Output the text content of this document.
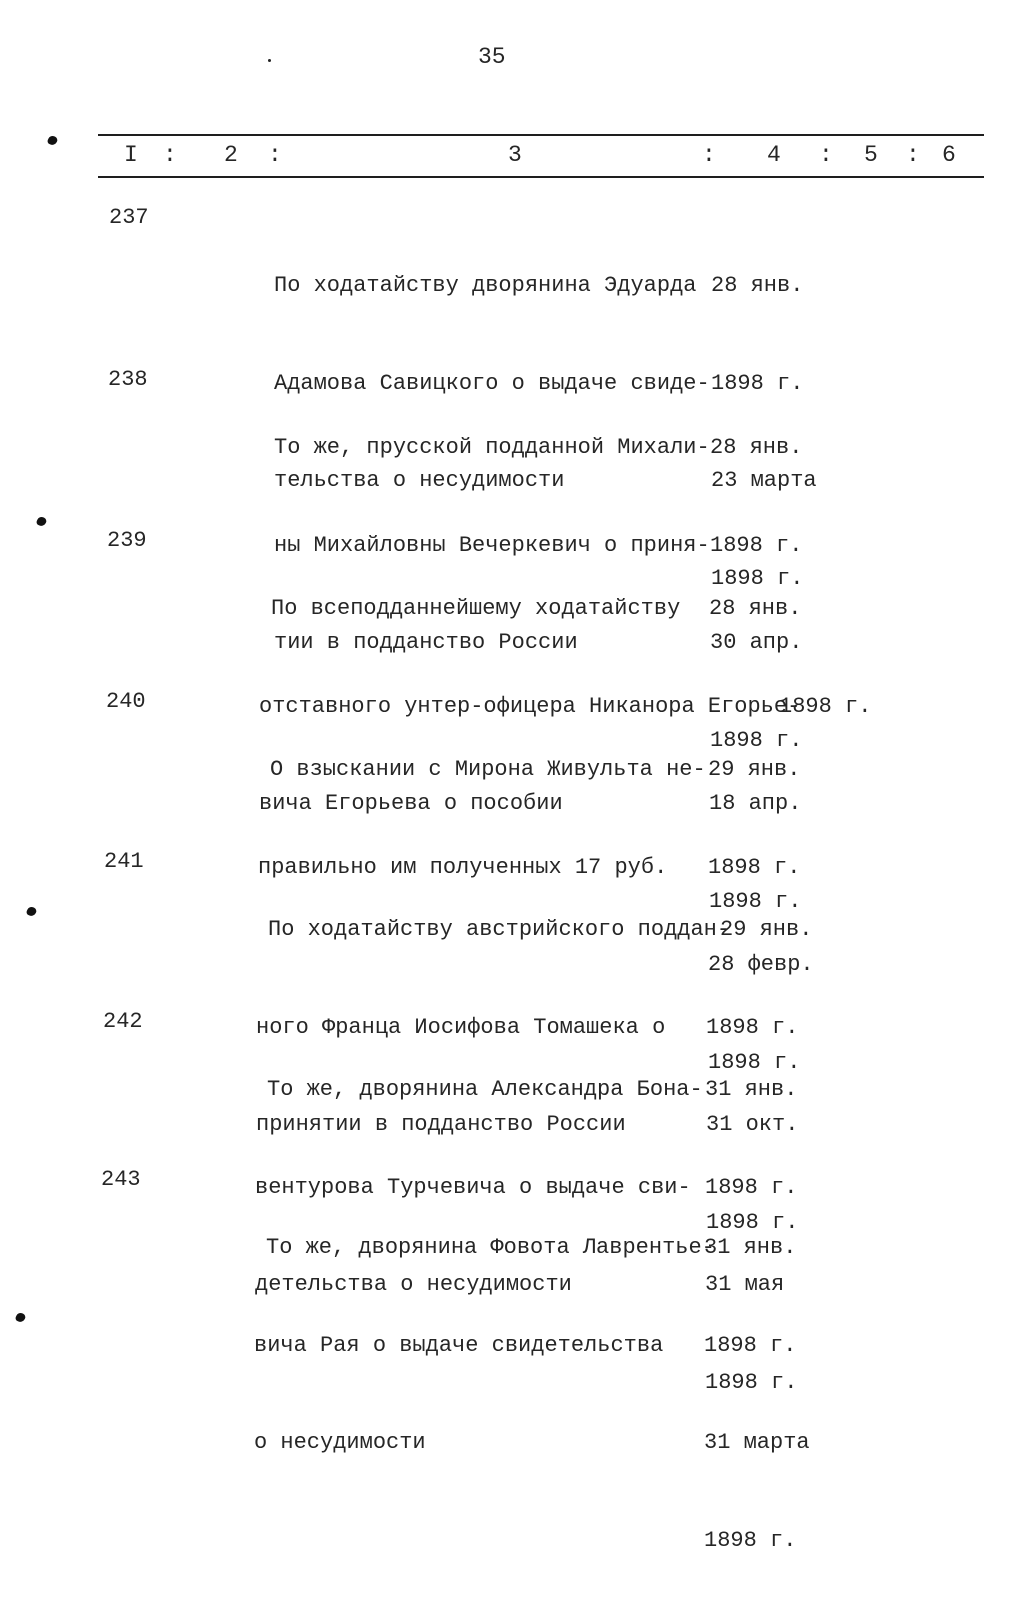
35
I : 2 :	3	: 4 : 5 : 6
237

По ходатайству дворянина Эдуарда

Адамова Савицкого о выдаче свиде-

тельства о несудимости

28 янв.

1898 г.

23 марта

1898 г.

238

То же, прусской подданной Михали-

ны Михайловны Вечеркевич о приня-

тии в подданство России

28 янв.

1898 г.

30 апр.

1898 г.

239

По всеподданнейшему ходатайству

отставного унтер-офицера Никанора Егорье-

вича Егорьева о пособии

28 янв.

1898 г.

18 апр.

1898 г.

240

О взыскании с Мирона Живульта не-

правильно им полученных 17 руб.

29 янв.

1898 г.

28 февр.

1898 г.

241

По ходатайству австрийского поддан-

ного Франца Иосифова Томашека о

принятии в подданство России

29 янв.

1898 г.

31 окт.

1898 г.

242

То же, дворянина Александра Бона-

вентурова Турчевича о выдаче сви-

детельства о несудимости

31 янв.

1898 г.

31 мая

1898 г.

243

То же, дворянина Фовота Лаврентье-

вича Рая о выдаче свидетельства

о несудимости

31 янв.

1898 г.

31 марта

1898 г.
